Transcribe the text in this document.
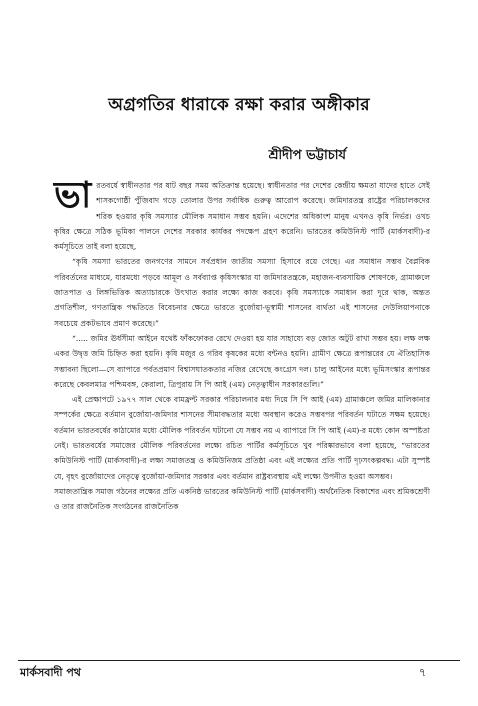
অগ্রগতির ধারাকে রক্ষা করার অঙ্গীকার
শ্রীদীপ ভট্টাচার্য

ভা রতবর্ষে স্বাধীনতার পর ষাট বছর সময় অতিক্রান্ত হয়েছে। স্বাধীনতার পর দেশের কেন্দ্রীয় ক্ষমতা যাদের হাতে সেই শাসকগোষ্ঠী পুঁজিবাদ গড়ে তোলার উপর সর্বাধিক গুরুত্ব আরোপ করেছে। জমিদারতন্ত্র রাষ্ট্রের পরিচালকদের শরিক হওয়ার কৃষি সমস্যার মৌলিক সমাধান সম্ভব হয়নি। এদেশের অধিকাংশ মানুষ এখনও কৃষি নির্ভর। ওখচ কৃষির ক্ষেত্রে সঠিক ভূমিকা পালনে দেশের সরকার কার্যকর পদক্ষেপ গ্রহণ করেনি। ভারতের কমিউনিস্ট পার্টি (মার্কসবাদী)-র কর্মসূচিতে তাই বলা হয়েছে,

“কৃষি সমস্যা ভারতের জনগণের সামনে সর্বপ্রধান জাতীয় সমস্যা হিসাবে রয়ে গেছে। এর সমাধান সম্ভব বৈপ্লবিক পরিবর্তনের মাধ্যমে, যারমধ্যে পড়বে আমূল ও সর্বব্যাপ্ত কৃষিসংস্কার যা জমিদারতন্ত্রকে, মহাজন-ব্যবসায়িক শোষণকে, গ্রামাঞ্চলে জাতপাত ও লিঙ্গভিত্তিক অত্যাচারকে উৎখাত করার লক্ষ্যে কাজ করবে। কৃষি সমস্যাকে সমাধান করা দূরে থাক, অন্তত প্রগতিশীল, গণতান্ত্রিক পদ্ধতিতে বিবেচনার ক্ষেত্রে ভারতে বুর্জোয়া-ভূস্বামী শাসনের ব্যর্থতা এই শাসনের দেউলিয়াপনাকে সবচেয়ে প্রকটভাবে প্রমাণ করেছে।”

“..... জমির ঊর্ধসীমা আইনে যথেষ্ট ফাঁকফোকর রেখে দেওয়া হয় যার সাহায্যে বড় জোত অটুট রাখা সম্ভব হয়। লক্ষ লক্ষ একর উদ্বৃত্ত জমি চিহ্নিত করা হয়নি। কৃষি মজুর ও গরিব কৃষকের মধ্যে বন্টনও হয়নি। গ্রামীণ ক্ষেত্রে রূপান্তরের যে ঐতিহাসিক সম্ভাবনা ছিলো—সে ব্যাপারে পর্বতপ্রমাণ বিশ্বাসঘাতকতার নজির রেখেছে কংগ্রেস দল। চালু আইনের মধ্যে ভূমিসংস্কার রূপান্তর করেছে কেবলমাত্র পশ্চিমবঙ্গ, কেরালা, ত্রিপুরায় সি পি আই (এম) নেতৃত্বাধীন সরকারগুলি।”

এই প্রেক্ষাপটে ১৯৭৭ সাল থেকে বামফ্রন্ট সরকার পরিচালনার মধ্য দিয়ে সি পি আই (এম) গ্রামাঞ্চলে জমির মালিকানার সম্পর্কের ক্ষেত্রে বর্তমান বুর্জোয়া-জমিদার শাসনের সীমাবদ্ধতার মধ্যে অবস্থান করেও সম্ভবপর পরিবর্তন ঘটাতে সক্ষম হয়েছে। বর্তমান ভারতবর্ষের কাঠামোর মধ্যে মৌলিক পরিবর্তন ঘটানো যে সম্ভব নয় এ ব্যাপারে সি পি আই (এম)-র মধ্যে কোন অস্পষ্টতা নেই। ভারতবর্ষের সমাজের মৌলিক পরিবর্তনের লক্ষ্যে রচিত পার্টির কর্মসূচিতে খুব পরিষ্কারভাবে বলা হয়েছে, “ভারতের কমিউনিস্ট পার্টি (মার্কসবাদী)-র লক্ষ্য সমাজতন্ত্র ও কমিউনিজম প্রতিষ্ঠা এবং এই লক্ষ্যের প্রতি পার্টি দৃঢ়সংকল্পবদ্ধ। এটা সুস্পষ্ট যে, বৃহৎ বুর্জোয়াদের নেতৃত্বে বুর্জোয়া-জমিদার সরকার এবং বর্তমান রাষ্ট্রব্যবস্থায় এই লক্ষ্যে উপনীত হওয়া অসম্ভব।

সমাজতান্ত্রিক সমাজ গঠনের লক্ষ্যের প্রতি একনিষ্ঠ ভারতের কমিউনিস্ট পার্টি (মার্কসবাদী) অর্থনৈতিক বিকাশের এবং শ্রমিকশ্রেণী ও তার রাজনৈতিক সংগঠনের রাজনৈতিক

মার্কসবাদী পথ	৭
